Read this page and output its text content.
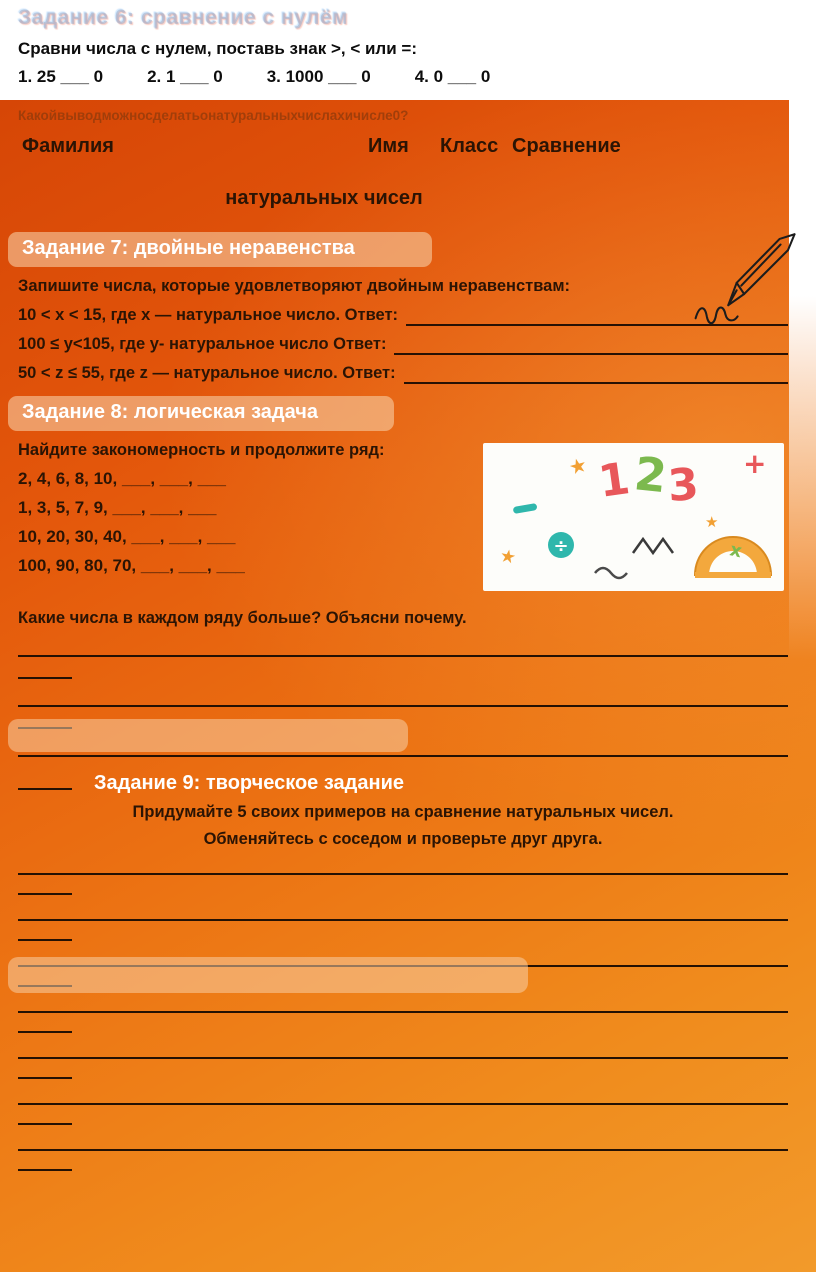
Задание 6: сравнение с нулём
Сравни числа с нулем, поставь знак >, < или =:
1. 25 ___ 0	2. 1 ___ 0	3. 1000 ___ 0	4. 0 ___ 0
Какойвыводможносделатьонатуральныхчислахичисле0?
Фамилия	Имя Класс Сравнение
натуральных чисел
Задание 7: двойные неравенства
Запишите числа, которые удовлетворяют двойным неравенствам:
10 < x < 15, где x — натуральное число. Ответ:
100 ≤ y<105, где y- натуральное число Ответ:
50 < z ≤ 55, где z — натуральное число. Ответ:
Задание 8: логическая задача
1
2
3
★
★
★
+
÷	x
Найдите закономерность и продолжите ряд:
2, 4, 6, 8, 10, ___, ___, ___
1, 3, 5, 7, 9, ___, ___, ___
10, 20, 30, 40, ___, ___, ___
100, 90, 80, 70, ___, ___, ___
Какие числа в каждом ряду больше? Объясни почему.
Задание 9: творческое задание
Придумайте 5 своих примеров на сравнение натуральных чисел.
Обменяйтесь с соседом и проверьте друг друга.
